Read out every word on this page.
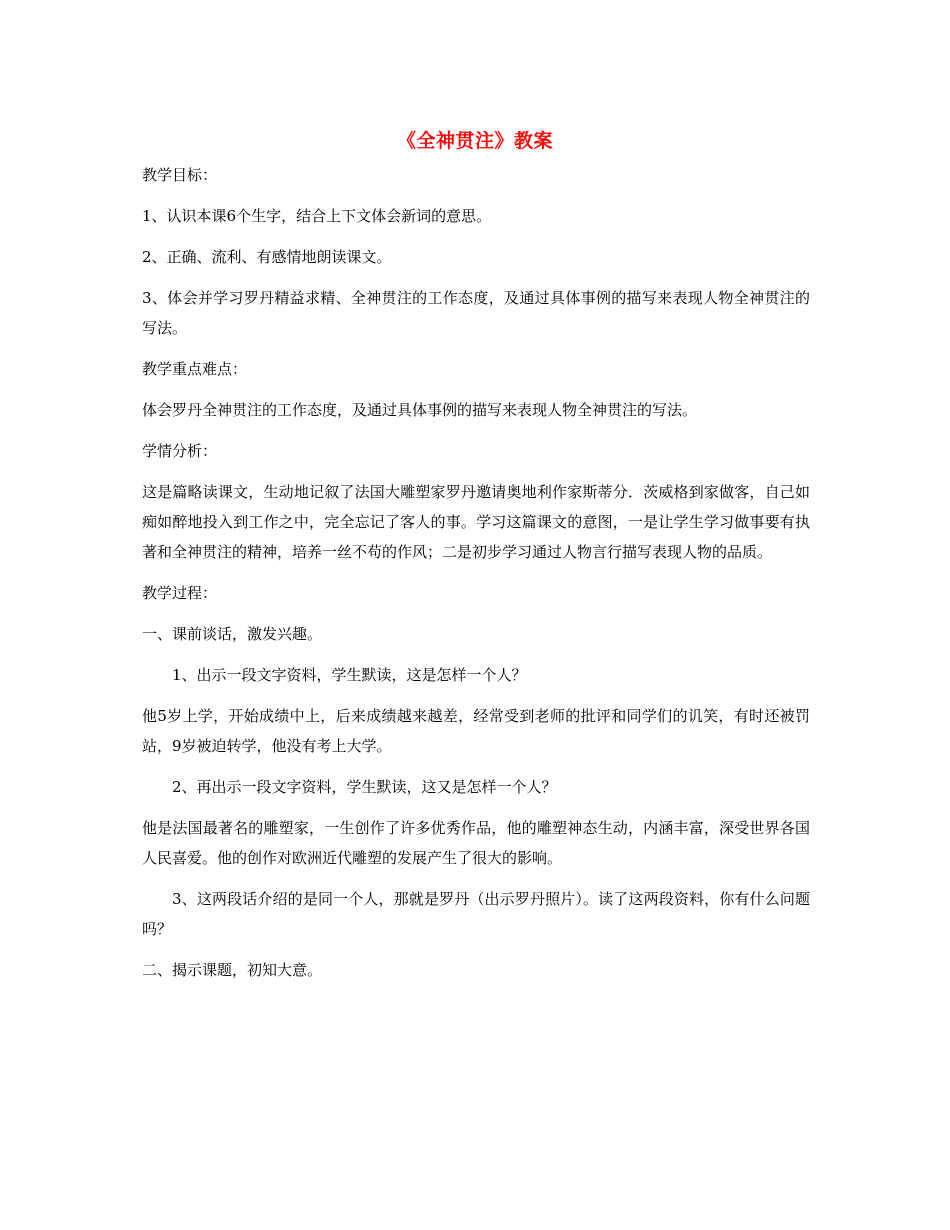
《全神贯注》教案

教学目标：

1、认识本课6个生字，结合上下文体会新词的意思。

2、正确、流利、有感情地朗读课文。

3、体会并学习罗丹精益求精、全神贯注的工作态度，及通过具体事例的描写来表现人物全神贯注的写法。

教学重点难点：

体会罗丹全神贯注的工作态度，及通过具体事例的描写来表现人物全神贯注的写法。

学情分析：

这是篇略读课文，生动地记叙了法国大雕塑家罗丹邀请奥地利作家斯蒂分．茨威格到家做客，自己如痴如醉地投入到工作之中，完全忘记了客人的事。学习这篇课文的意图，一是让学生学习做事要有执著和全神贯注的精神，培养一丝不苟的作风；二是初步学习通过人物言行描写表现人物的品质。

教学过程：

一、课前谈话，激发兴趣。

1、出示一段文字资料，学生默读，这是怎样一个人？

他5岁上学，开始成绩中上，后来成绩越来越差，经常受到老师的批评和同学们的讥笑，有时还被罚站，9岁被迫转学，他没有考上大学。

2、再出示一段文字资料，学生默读，这又是怎样一个人？

他是法国最著名的雕塑家，一生创作了许多优秀作品，他的雕塑神态生动，内涵丰富，深受世界各国人民喜爱。他的创作对欧洲近代雕塑的发展产生了很大的影响。

3、这两段话介绍的是同一个人，那就是罗丹（出示罗丹照片）。读了这两段资料，你有什么问题吗？

二、揭示课题，初知大意。
